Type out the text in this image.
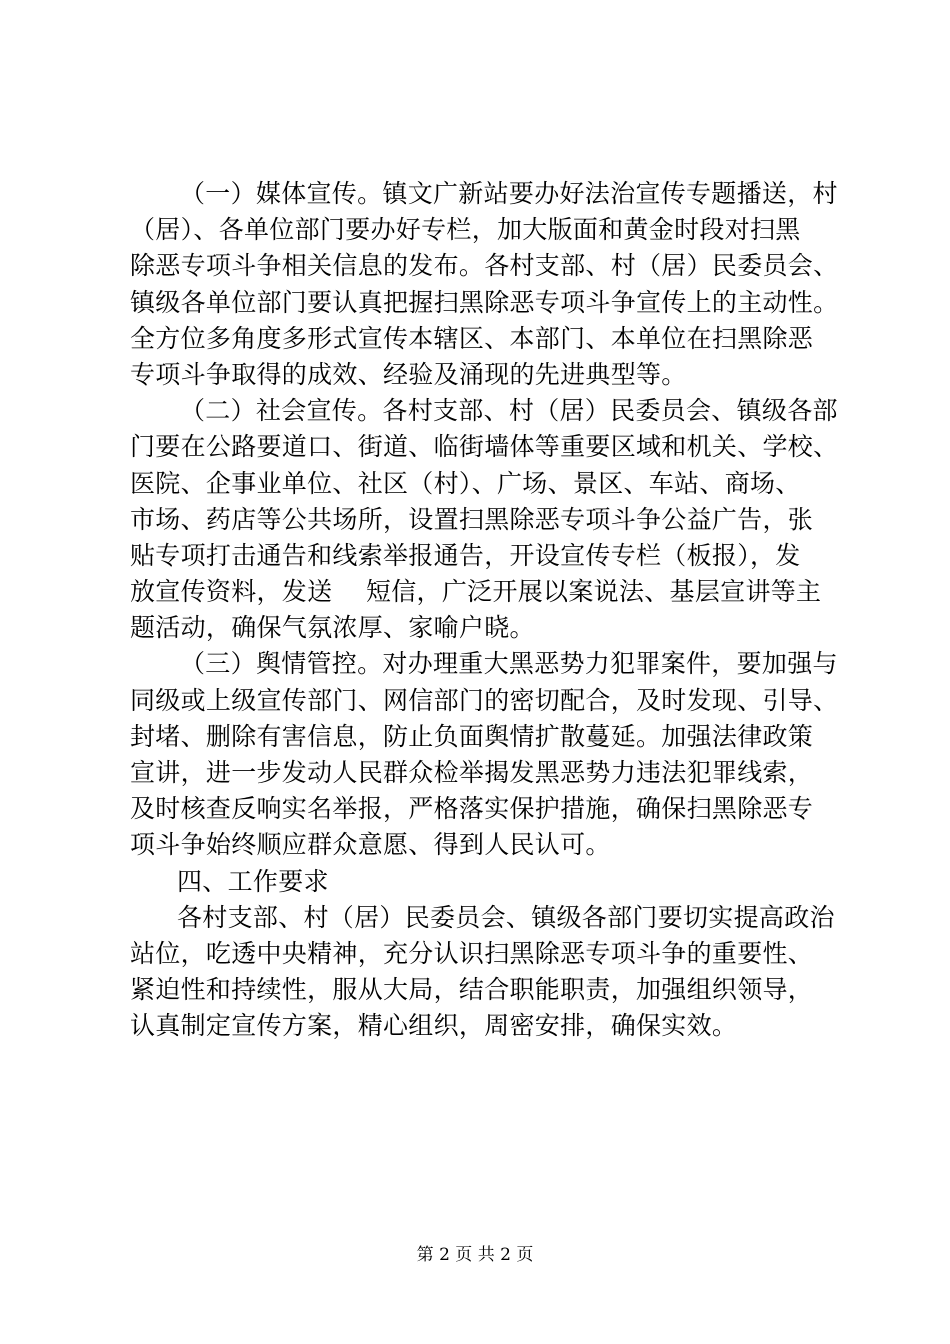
（一）媒体宣传。镇文广新站要办好法治宣传专题播送，村
（居）、各单位部门要办好专栏，加大版面和黄金时段对扫黑
除恶专项斗争相关信息的发布。各村支部、村（居）民委员会、
镇级各单位部门要认真把握扫黑除恶专项斗争宣传上的主动性。
全方位多角度多形式宣传本辖区、本部门、本单位在扫黑除恶
专项斗争取得的成效、经验及涌现的先进典型等。
（二）社会宣传。各村支部、村（居）民委员会、镇级各部
门要在公路要道口、街道、临街墙体等重要区域和机关、学校、
医院、企事业单位、社区（村）、广场、景区、车站、商场、
市场、药店等公共场所，设置扫黑除恶专项斗争公益广告，张
贴专项打击通告和线索举报通告，开设宣传专栏（板报），发
放宣传资料，发送　 短信，广泛开展以案说法、基层宣讲等主
题活动，确保气氛浓厚、家喻户晓。
（三）舆情管控。对办理重大黑恶势力犯罪案件，要加强与
同级或上级宣传部门、网信部门的密切配合，及时发现、引导、
封堵、删除有害信息，防止负面舆情扩散蔓延。加强法律政策
宣讲，进一步发动人民群众检举揭发黑恶势力违法犯罪线索，
及时核查反响实名举报，严格落实保护措施，确保扫黑除恶专
项斗争始终顺应群众意愿、得到人民认可。
四、工作要求
各村支部、村（居）民委员会、镇级各部门要切实提高政治
站位，吃透中央精神，充分认识扫黑除恶专项斗争的重要性、
紧迫性和持续性，服从大局，结合职能职责，加强组织领导，
认真制定宣传方案，精心组织，周密安排，确保实效。
第 2 页 共 2 页
